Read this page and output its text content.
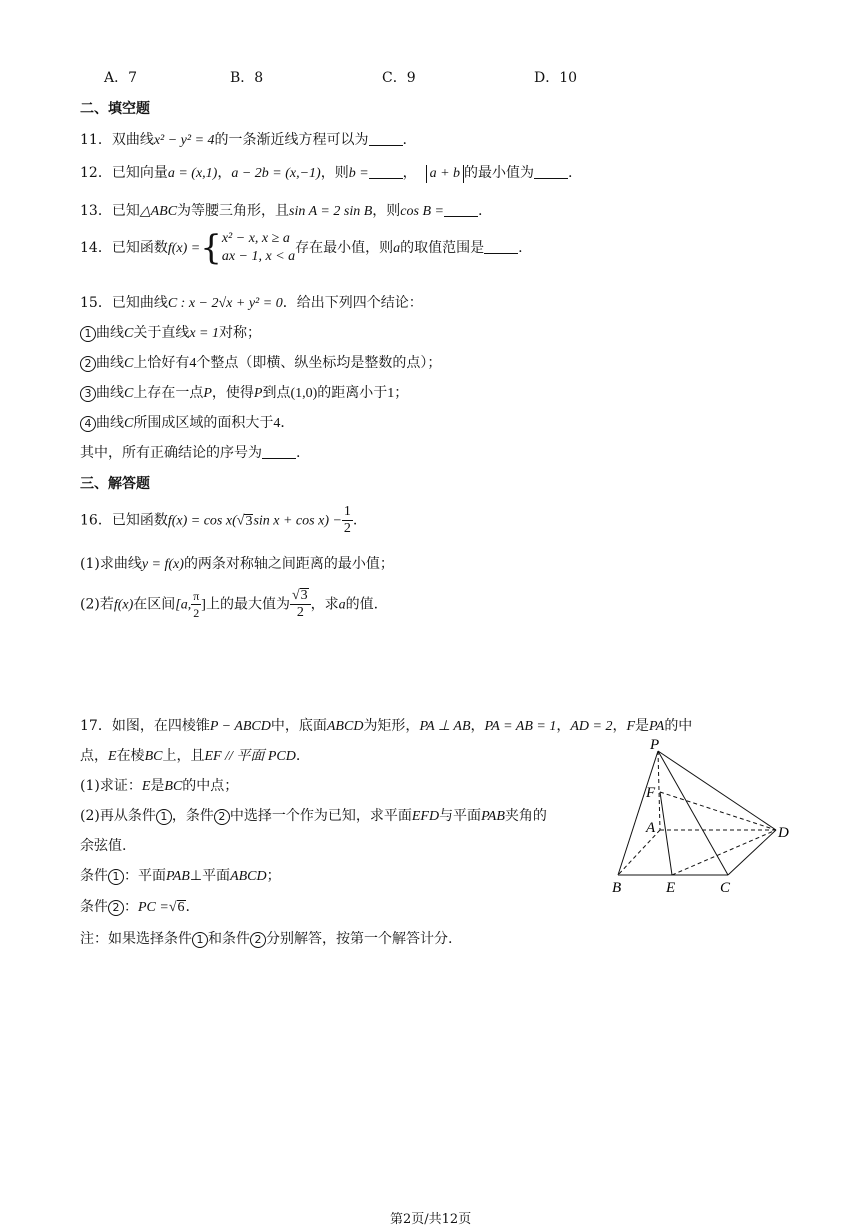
A．7	B．8	C．9	D．10
二、填空题
11．双曲线x² − y² = 4的一条渐近线方程可以为 .
12．已知向量a = (x,1)，a − 2b = (x,−1)，则b = ， a + b 的最小值为 .
13．已知△ABC为等腰三角形，且sin A = 2 sin B，则cos B = .
14．已知函数f(x) ={ x² − x, x ≥ a
ax − 1, x < a
存在最小值，则a的取值范围是 .
15．已知曲线C : x − 2√x + y² = 0．给出下列四个结论：
1 曲线C关于直线x = 1对称；
2 曲线C上恰好有4个整点（即横、纵坐标均是整数的点）；
3 曲线C上存在一点P，使得P到点(1,0)的距离小于1；
4 曲线C所围成区域的面积大于4．
其中，所有正确结论的序号为 .
三、解答题
16．已知函数f(x) = cos x(√3sin $x + \cos x) - \frac{1}{2}$ .
(1)求曲线y = f(x)的两条对称轴之间距离的最小值；
(2)若f(x)在区间[a, $\frac{\pi}{2}$ ]上的最大值为 $\frac{√3}{2}$ ，求a的值.
17．如图，在四棱锥P − ABCD中，底面ABCD为矩形，PA ⊥ AB，PA = AB = 1，AD = 2，F是PA的中
点，E在棱BC上，且EF // 平面 PCD.
(1)求证：E是BC的中点；
(2)再从条件 1 ，条件 2 中选择一个作为已知，求平面EFD与平面PAB夹角的
余弦值.
条件 1 ：平面PAB⊥平面ABCD；
条件 2 ：PC =√6.
注：如果选择条件 1 和条件 2 分别解答，按第一个解答计分.
P
F
A	D
B	E	C
第2页/共12页
